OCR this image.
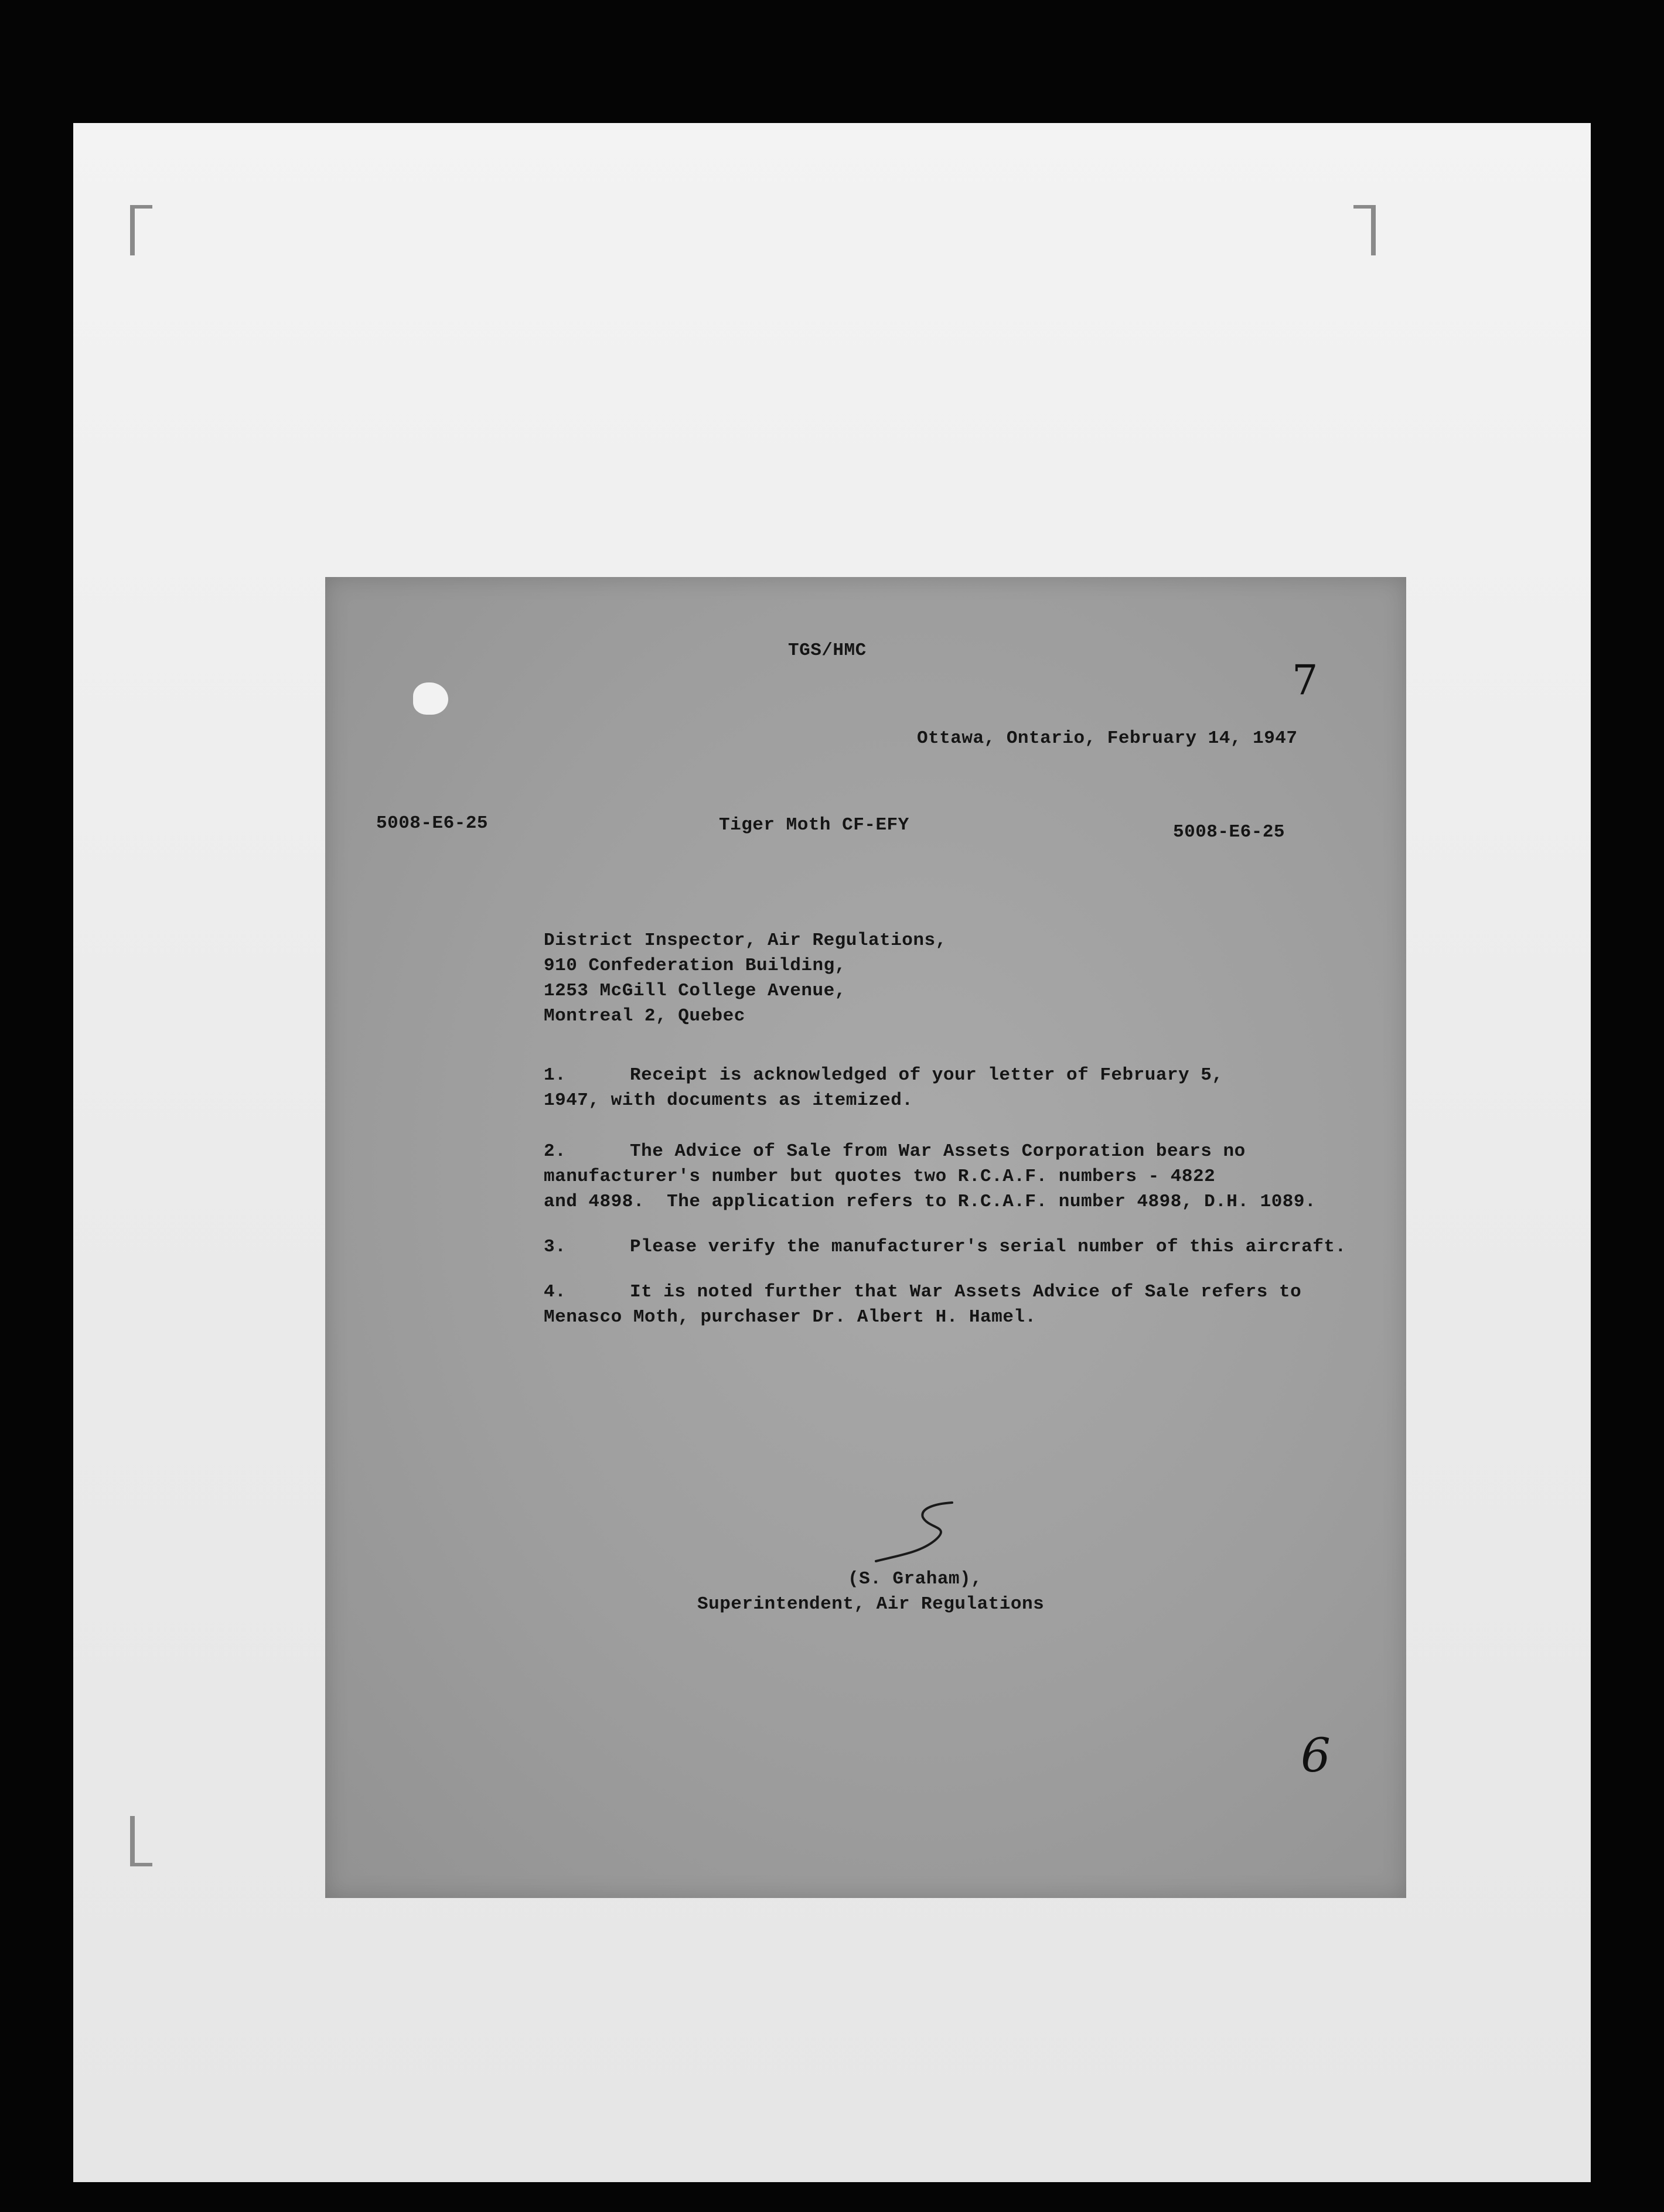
TGS/HMC
7
Ottawa, Ontario, February 14, 1947
5008-E6-25	Tiger Moth CF-EFY	5008-E6-25
District Inspector, Air Regulations,
910 Confederation Building,
1253 McGill College Avenue,
Montreal 2, Quebec
1.	Receipt is acknowledged of your letter of February 5,
1947, with documents as itemized.
2.	The Advice of Sale from War Assets Corporation bears no
manufacturer's number but quotes two R.C.A.F. numbers - 4822
and 4898.  The application refers to R.C.A.F. number 4898, D.H. 1089.
3.	Please verify the manufacturer's serial number of this aircraft.
4.	It is noted further that War Assets Advice of Sale refers to
Menasco Moth, purchaser Dr. Albert H. Hamel.
(S. Graham),
Superintendent, Air Regulations
6
